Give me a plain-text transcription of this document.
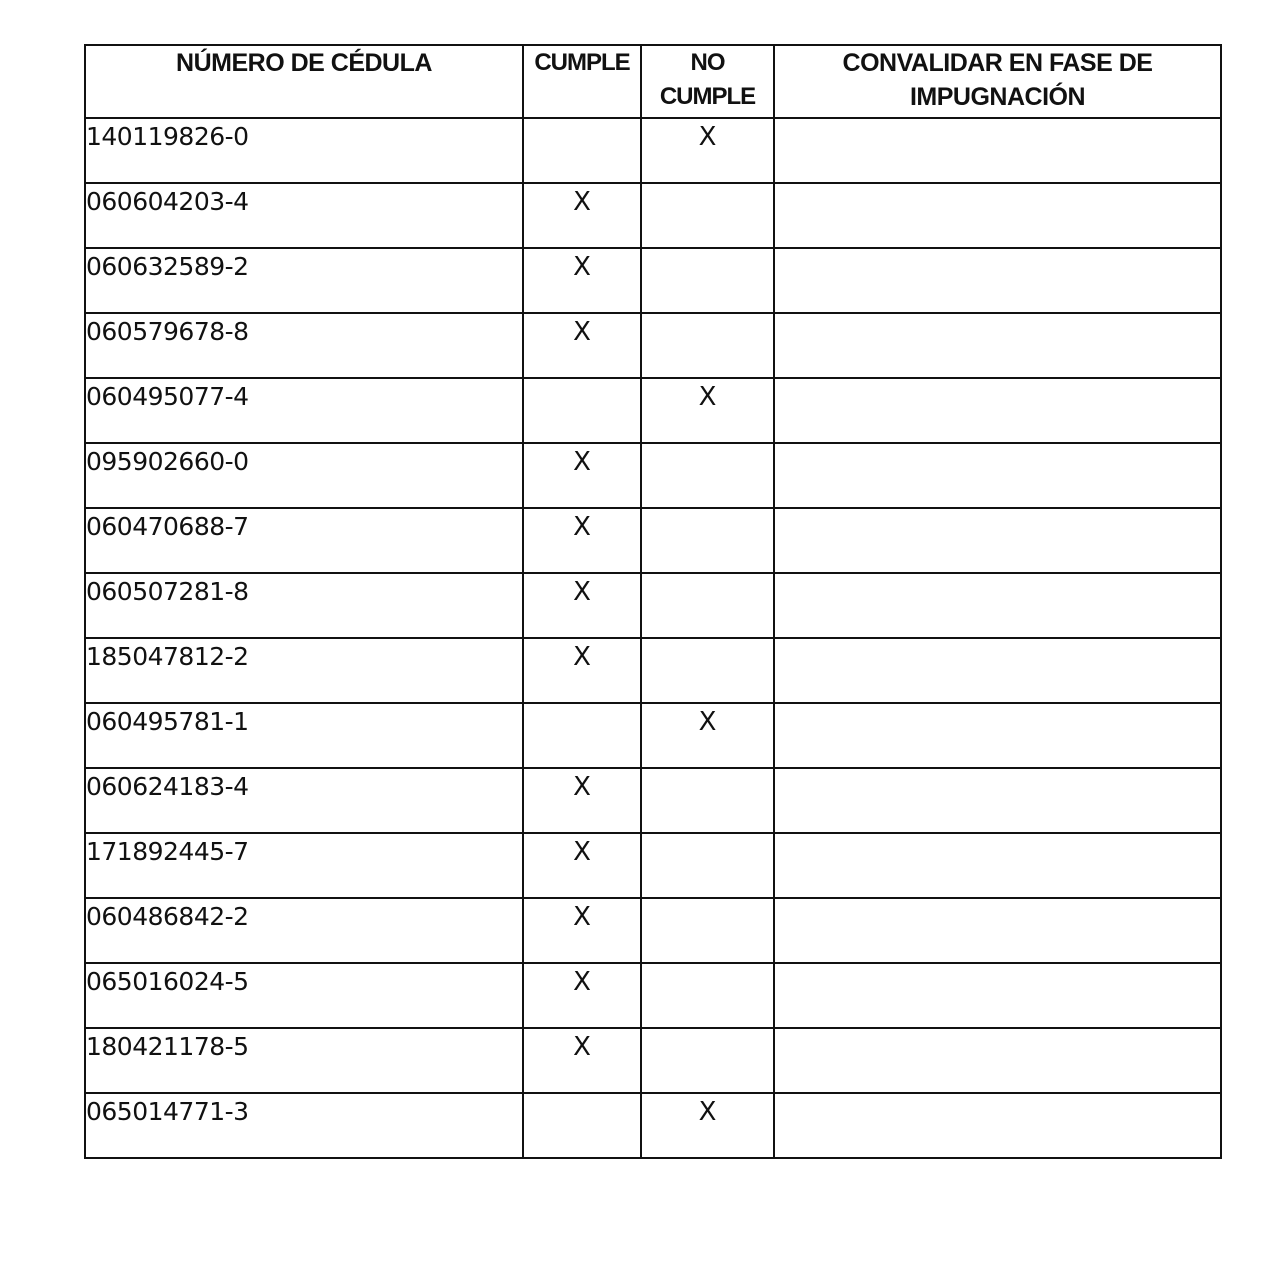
NÚMERO DE CÉDULA	CUMPLE	NO CUMPLE	CONVALIDAR EN FASE DE IMPUGNACIÓN
140119826-0		X	
060604203-4	X		
060632589-2	X		
060579678-8	X		
060495077-4		X	
095902660-0	X		
060470688-7	X		
060507281-8	X		
185047812-2	X		
060495781-1		X	
060624183-4	X		
171892445-7	X		
060486842-2	X		
065016024-5	X		
180421178-5	X		
065014771-3		X	
